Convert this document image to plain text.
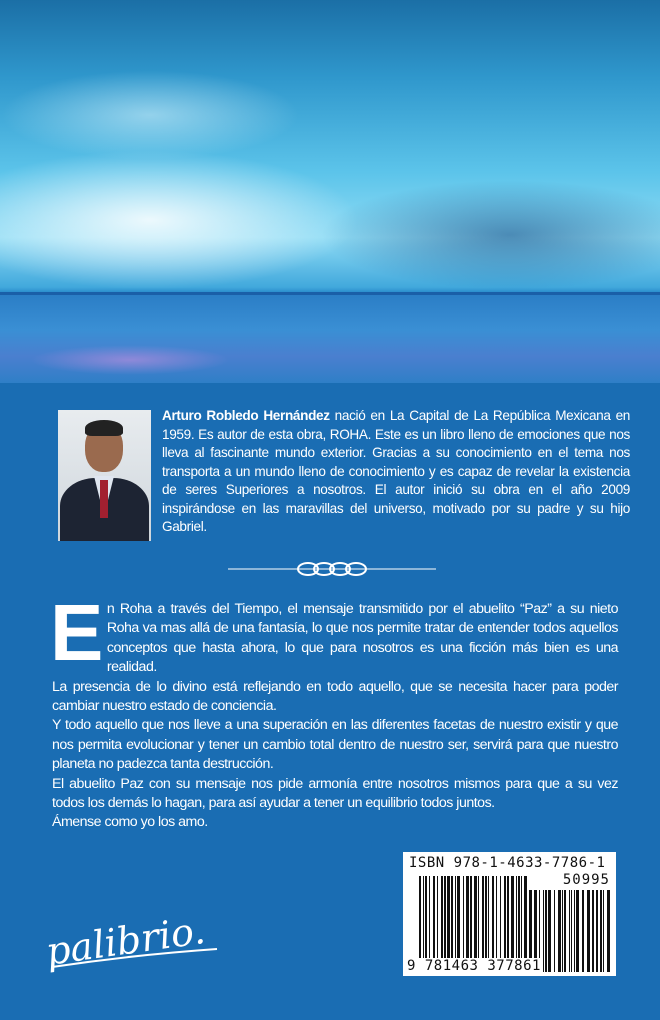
Arturo Robledo Hernández nació en La Capital de La República Mexicana en 1959. Es autor de esta obra, ROHA. Este es un libro lleno de emociones que nos lleva al fascinante mundo exterior. Gracias a su conocimiento en el tema nos transporta a un mundo lleno de conocimiento y es capaz de revelar la existencia de seres Superiores a nosotros. El autor inició su obra en el año 2009 inspirándose en las maravillas del universo, motivado por su padre y su hijo Gabriel.
E n Roha a través del Tiempo, el mensaje transmitido por el abuelito “Paz” a su nieto Roha va mas allá de una fantasía, lo que nos permite tratar de entender todos aquellos conceptos que hasta ahora, lo que para nosotros es una ficción más bien es una realidad.

La presencia de lo divino está reflejando en todo aquello, que se necesita hacer para poder cambiar nuestro estado de conciencia.

Y todo aquello que nos lleve a una superación en las diferentes facetas de nuestro existir y que nos permita evolucionar y tener un cambio total dentro de nuestro ser, servirá para que nuestro planeta no padezca tanta destrucción.

El abuelito Paz con su mensaje nos pide armonía entre nosotros mismos para que a su vez todos los demás lo hagan, para así ayudar a tener un equilibrio todos juntos.

Ámense como yo los amo.

ISBN 978-1-4633-7786-1
50995
9 781463 377861
palibrio.
